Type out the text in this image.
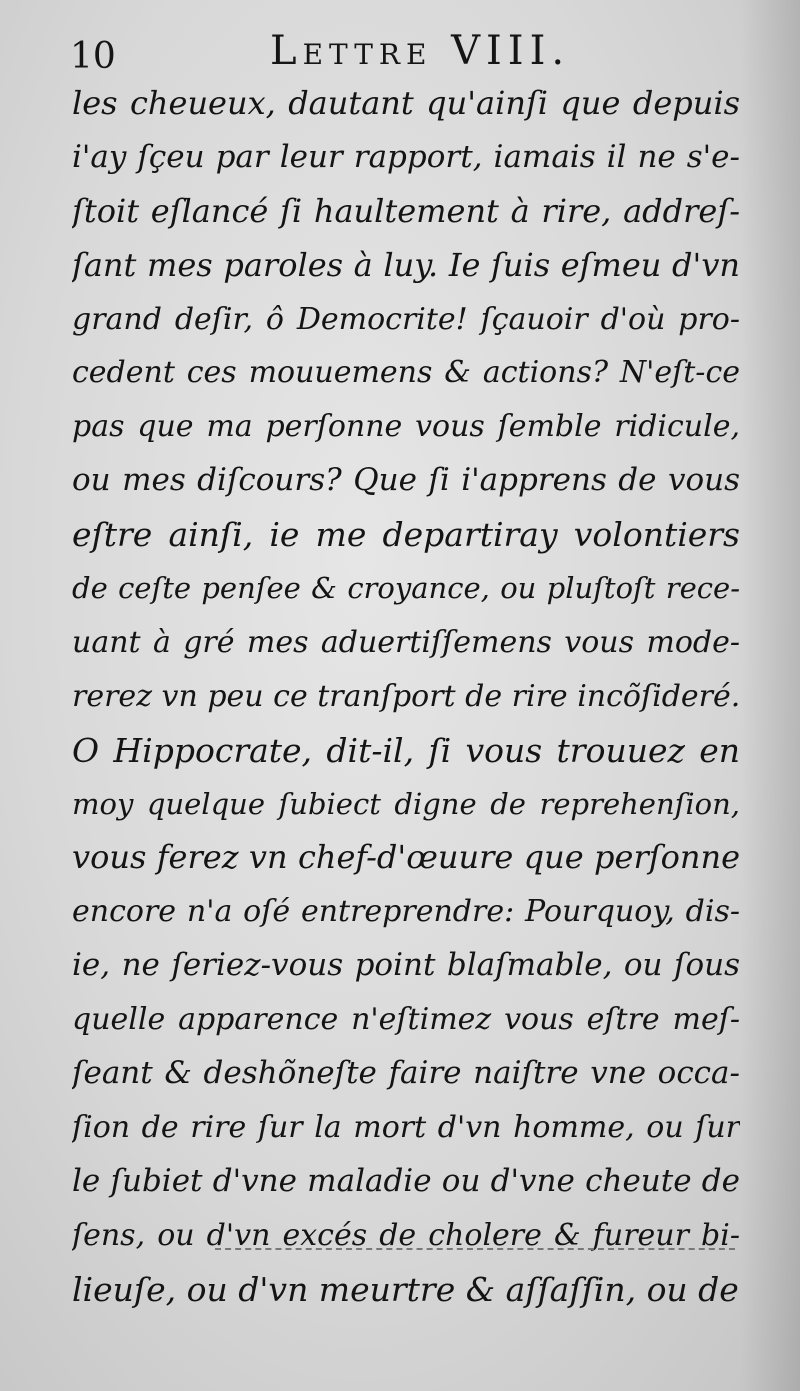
10	Lettre VIII.
les cheueux, dautant qu'ainſi que depuis
i'ay ſçeu par leur rapport, iamais il ne s'e-
ſtoit eſlancé ſi haultement à rire, addreſ-
ſant mes paroles à luy. Ie ſuis eſmeu d'vn
grand deſir, ô Democrite! ſçauoir d'où pro-
cedent ces mouuemens & actions? N'eſt-ce
pas que ma perſonne vous ſemble ridicule,
ou mes diſcours? Que ſi i'apprens de vous
eſtre ainſi, ie me departiray volontiers
de ceſte penſee & croyance, ou pluſtoſt rece-
uant à gré mes aduertiſſemens vous mode-
rerez vn peu ce tranſport de rire incõſideré.
O Hippocrate, dit-il, ſi vous trouuez en
moy quelque ſubiect digne de reprehenſion,
vous ferez vn chef-d'œuure que perſonne
encore n'a oſé entreprendre: Pourquoy, dis-
ie, ne ſeriez-vous point blaſmable, ou ſous
quelle apparence n'eſtimez vous eſtre meſ-
ſeant & deshõneſte faire naiſtre vne occa-
ſion de rire ſur la mort d'vn homme, ou ſur
le ſubiet d'vne maladie ou d'vne cheute de
ſens, ou d'vn excés de cholere & fureur bi-
lieuſe, ou d'vn meurtre & aſſaſſin, ou de
